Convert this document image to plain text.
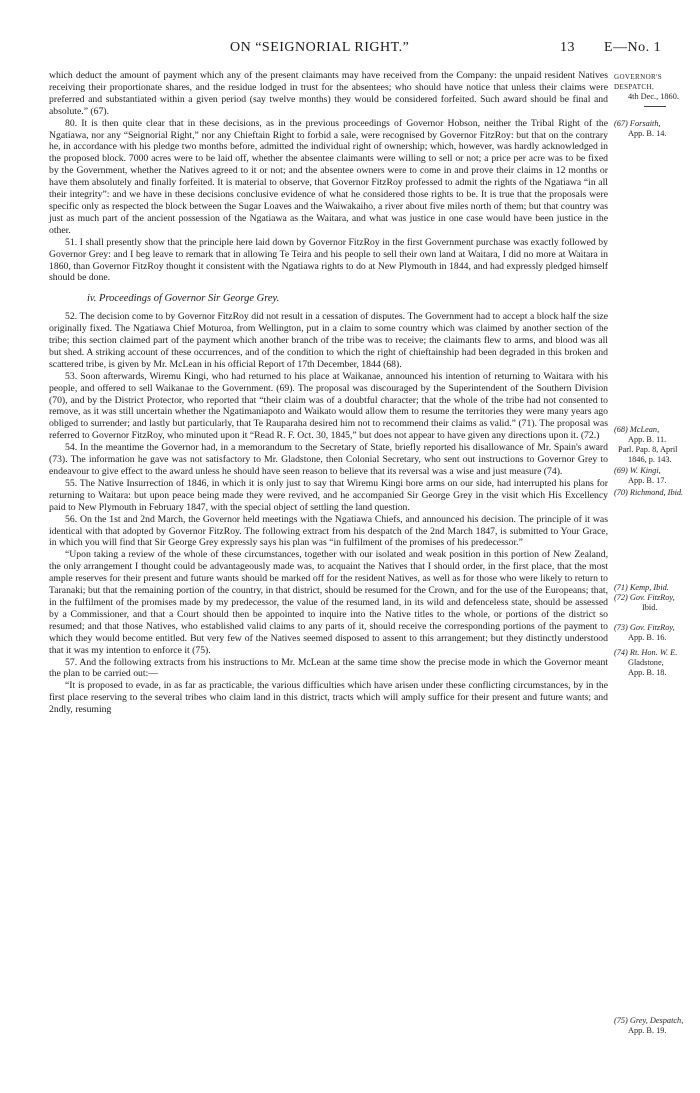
ON “SEIGNORIAL RIGHT.”	13 E—No. 1

which deduct the amount of payment which any of the present claimants may have received from the Company: the unpaid resident Natives receiving their proportionate shares, and the residue lodged in trust for the absentees; who should have notice that unless their claims were preferred and substantiated within a given period (say twelve months) they would be considered forfeited. Such award should be final and absolute.” (67).

80. It is then quite clear that in these decisions, as in the previous proceedings of Governor Hobson, neither the Tribal Right of the Ngatiawa, nor any “Seignorial Right,” nor any Chieftain Right to forbid a sale, were recognised by Governor FitzRoy: but that on the contrary he, in accordance with his pledge two months before, admitted the individual right of ownership; which, however, was hardly acknowledged in the proposed block. 7000 acres were to be laid off, whether the absentee claimants were willing to sell or not; a price per acre was to be fixed by the Government, whether the Natives agreed to it or not; and the absentee owners were to come in and prove their claims in 12 months or have them absolutely and finally forfeited. It is material to observe, that Governor FitzRoy professed to admit the rights of the Ngatiawa “in all their integrity”: and we have in these decisions conclusive evidence of what he considered those rights to be. It is true that the proposals were specific only as respected the block between the Sugar Loaves and the Waiwakaiho, a river about five miles north of them; but that country was just as much part of the ancient possession of the Ngatiawa as the Waitara, and what was justice in one case would have been justice in the other.

51. I shall presently show that the principle here laid down by Governor FitzRoy in the first Government purchase was exactly followed by Governor Grey: and I beg leave to remark that in allowing Te Teira and his people to sell their own land at Waitara, I did no more at Waitara in 1860, than Governor FitzRoy thought it consistent with the Ngatiawa rights to do at New Plymouth in 1844, and had expressly pledged himself should be done.

iv. Proceedings of Governor Sir George Grey.

52. The decision come to by Governor FitzRoy did not result in a cessation of disputes. The Government had to accept a block half the size originally fixed. The Ngatiawa Chief Moturoa, from Wellington, put in a claim to some country which was claimed by another section of the tribe; this section claimed part of the payment which another branch of the tribe was to receive; the claimants flew to arms, and blood was all but shed. A striking account of these occurrences, and of the condition to which the right of chieftainship had been degraded in this broken and scattered tribe, is given by Mr. McLean in his official Report of 17th December, 1844 (68).

53. Soon afterwards, Wiremu Kingi, who had returned to his place at Waikanae, announced his intention of returning to Waitara with his people, and offered to sell Waikanae to the Government. (69). The proposal was discouraged by the Superintendent of the Southern Division (70), and by the District Protector, who reported that “their claim was of a doubtful character; that the whole of the tribe had not consented to remove, as it was still uncertain whether the Ngatimaniapoto and Waikato would allow them to resume the territories they were many years ago obliged to surrender; and lastly but particularly, that Te Rauparaha desired him not to recommend their claims as valid.” (71). The proposal was referred to Governor FitzRoy, who minuted upon it “Read R. F. Oct. 30, 1845,” but does not appear to have given any directions upon it. (72.)

54. In the meantime the Governor had, in a memorandum to the Secretary of State, briefly reported his disallowance of Mr. Spain's award (73). The information he gave was not satisfactory to Mr. Gladstone, then Colonial Secretary, who sent out instructions to Governor Grey to endeavour to give effect to the award unless he should have seen reason to believe that its reversal was a wise and just measure (74).

55. The Native Insurrection of 1846, in which it is only just to say that Wiremu Kingi bore arms on our side, had interrupted his plans for returning to Waitara: but upon peace being made they were revived, and he accompanied Sir George Grey in the visit which His Excellency paid to New Plymouth in February 1847, with the special object of settling the land question.

56. On the 1st and 2nd March, the Governor held meetings with the Ngatiawa Chiefs, and announced his decision. The principle of it was identical with that adopted by Governor FitzRoy. The following extract from his despatch of the 2nd March 1847, is submitted to Your Grace, in which you will find that Sir George Grey expressly says his plan was “in fulfilment of the promises of his predecessor.”

“Upon taking a review of the whole of these circumstances, together with our isolated and weak position in this portion of New Zealand, the only arrangement I thought could be advantageously made was, to acquaint the Natives that I should order, in the first place, that the most ample reserves for their present and future wants should be marked off for the resident Natives, as well as for those who were likely to return to Taranaki; but that the remaining portion of the country, in that district, should be resumed for the Crown, and for the use of the Europeans; that, in the fulfilment of the promises made by my predecessor, the value of the resumed land, in its wild and defenceless state, should be assessed by a Commissioner, and that a Court should then be appointed to inquire into the Native titles to the whole, or portions of the district so resumed; and that those Natives, who established valid claims to any parts of it, should receive the corresponding portions of the payment to which they would become entitled. But very few of the Natives seemed disposed to assent to this arrangement; but they distinctly understood that it was my intention to enforce it (75).

57. And the following extracts from his instructions to Mr. McLean at the same time show the precise mode in which the Governor meant the plan to be carried out:—

“It is proposed to evade, in as far as practicable, the various difficulties which have arisen under these conflicting circumstances, by in the first place reserving to the several tribes who claim land in this district, tracts which will amply suffice for their present and future wants; and 2ndly, resuming

GOVERNOR'S DESPATCH,
4th Dec., 1860.
(67) Forsaith,
App. B. 14.
(68) McLean,
App. B. 11.
Parl. Pap. 8, April
1846, p. 143.
(69) W. Kingi,
App. B. 17.
(70) Richmond, Ibid.
(71) Kemp, Ibid.
(72) Gov. FitzRoy,
Ibid.
(73) Gov. FitzRoy,
App. B. 16.
(74) Rt. Hon. W. E.
Gladstone,
App. B. 18.
(75) Grey, Despatch,
App. B. 19.
